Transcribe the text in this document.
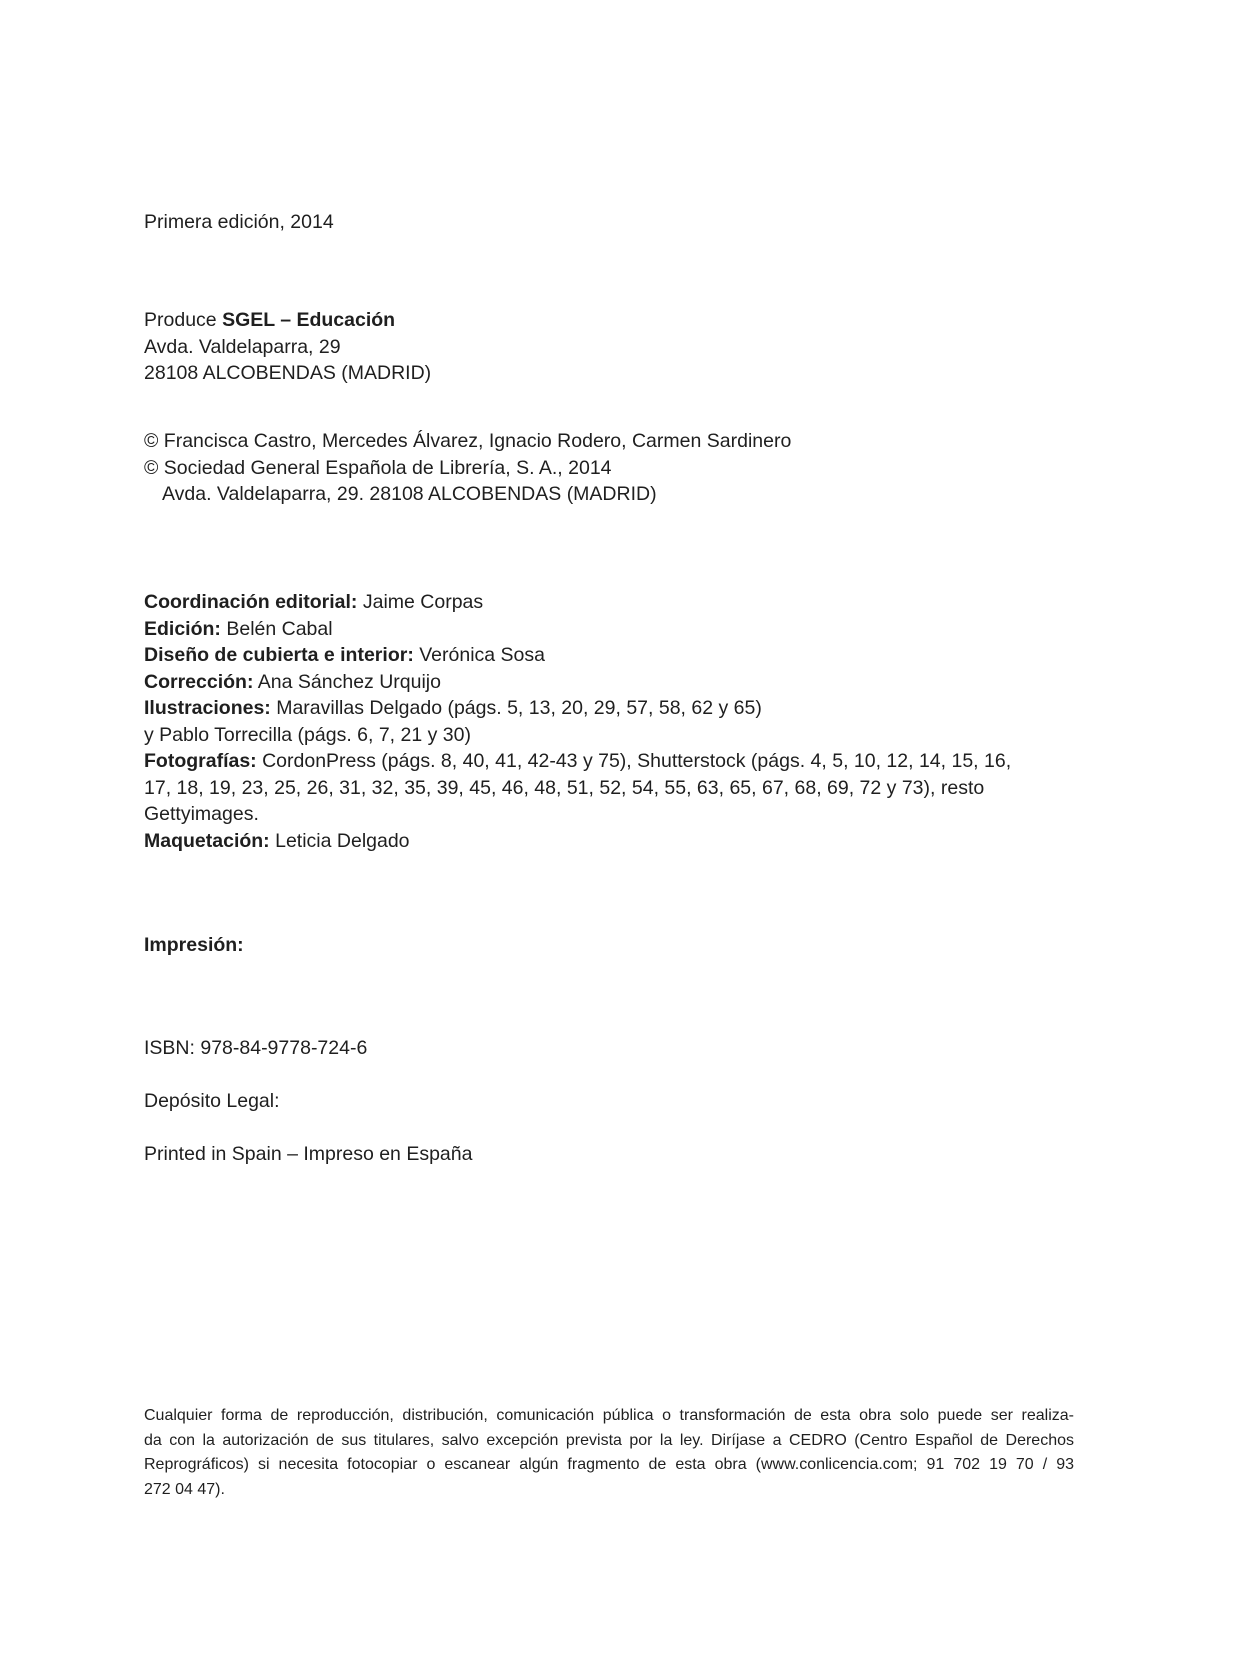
Primera edición, 2014
Produce SGEL – Educación
Avda. Valdelaparra, 29
28108 ALCOBENDAS (MADRID)
© Francisca Castro, Mercedes Álvarez, Ignacio Rodero, Carmen Sardinero
© Sociedad General Española de Librería, S. A., 2014
Avda. Valdelaparra, 29. 28108 ALCOBENDAS (MADRID)
Coordinación editorial: Jaime Corpas
Edición: Belén Cabal
Diseño de cubierta e interior: Verónica Sosa
Corrección: Ana Sánchez Urquijo
Ilustraciones: Maravillas Delgado (págs. 5, 13, 20, 29, 57, 58, 62 y 65)
y Pablo Torrecilla (págs. 6, 7, 21 y 30)
Fotografías: CordonPress (págs. 8, 40, 41, 42-43 y 75), Shutterstock (págs. 4, 5, 10, 12, 14, 15, 16,
17, 18, 19, 23, 25, 26, 31, 32, 35, 39, 45, 46, 48, 51, 52, 54, 55, 63, 65, 67, 68, 69, 72 y 73), resto
Gettyimages.
Maquetación: Leticia Delgado
Impresión:
ISBN: 978-84-9778-724-6
Depósito Legal:
Printed in Spain – Impreso en España
Cualquier forma de reproducción, distribución, comunicación pública o transformación de esta obra solo puede ser realiza-
da con la autorización de sus titulares, salvo excepción prevista por la ley. Diríjase a CEDRO (Centro Español de Derechos
Reprográficos) si necesita fotocopiar o escanear algún fragmento de esta obra (www.conlicencia.com; 91 702 19 70 / 93
272 04 47).
